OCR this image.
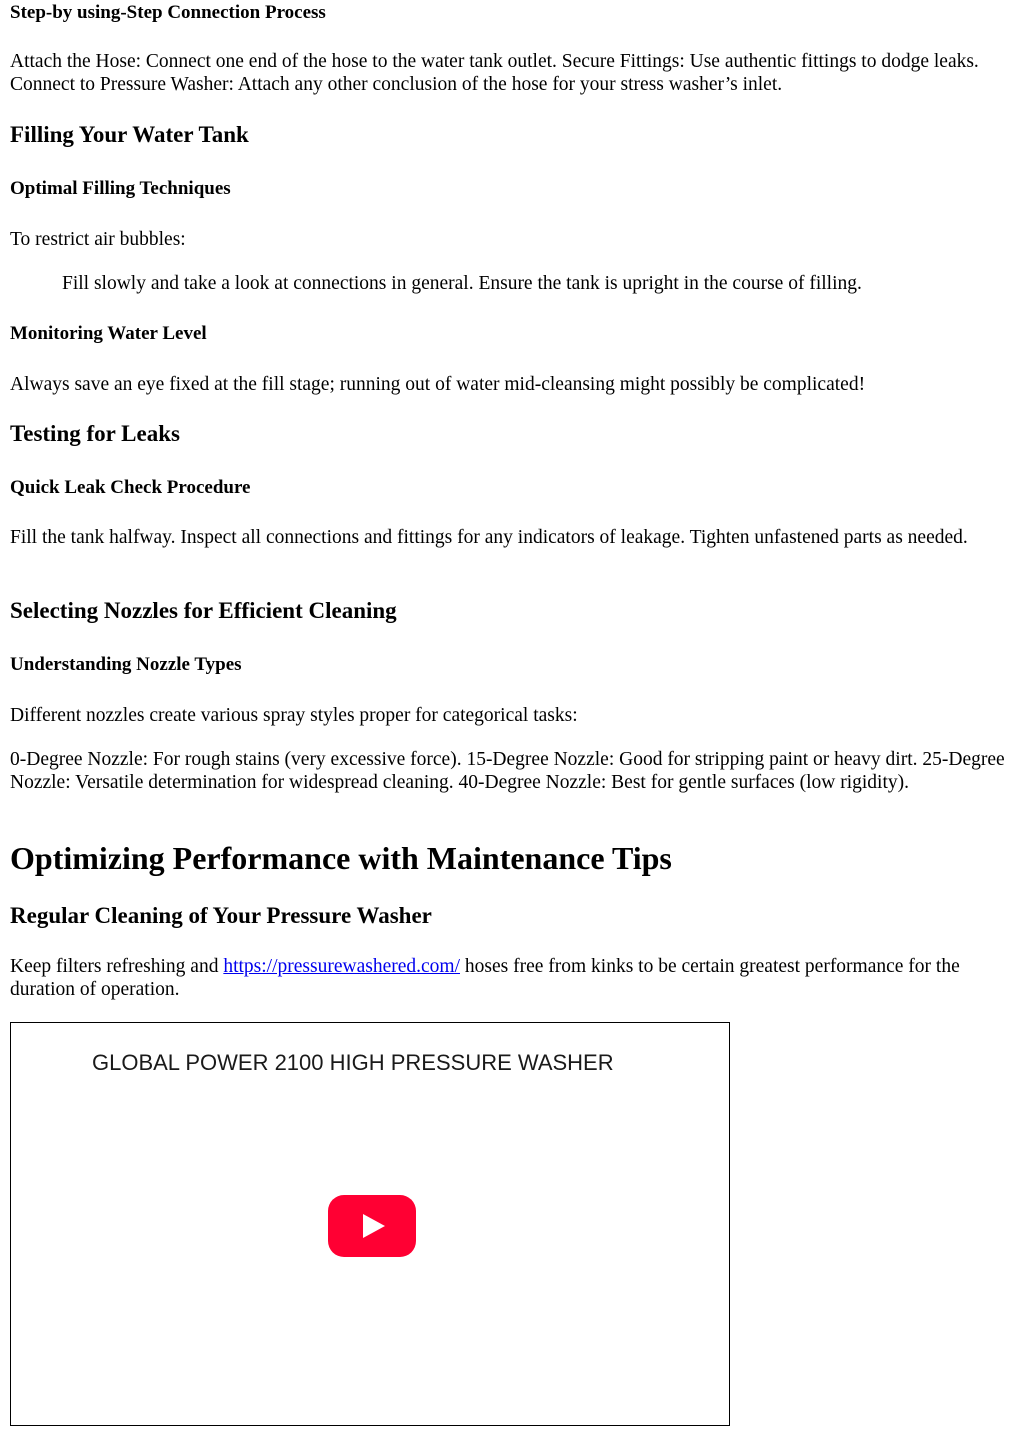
Step-by using-Step Connection Process

Attach the Hose: Connect one end of the hose to the water tank outlet. Secure Fittings: Use authentic fittings to dodge leaks. Connect to Pressure Washer: Attach any other conclusion of the hose for your stress washer’s inlet.

Filling Your Water Tank
Optimal Filling Techniques

To restrict air bubbles:

Fill slowly and take a look at connections in general. Ensure the tank is upright in the course of filling.

Monitoring Water Level

Always save an eye fixed at the fill stage; running out of water mid-cleansing might possibly be complicated!

Testing for Leaks
Quick Leak Check Procedure

Fill the tank halfway. Inspect all connections and fittings for any indicators of leakage. Tighten unfastened parts as needed.

Selecting Nozzles for Efficient Cleaning
Understanding Nozzle Types

Different nozzles create various spray styles proper for categorical tasks:

0-Degree Nozzle: For rough stains (very excessive force). 15-Degree Nozzle: Good for stripping paint or heavy dirt. 25-Degree Nozzle: Versatile determination for widespread cleaning. 40-Degree Nozzle: Best for gentle surfaces (low rigidity).

Optimizing Performance with Maintenance Tips
Regular Cleaning of Your Pressure Washer

Keep filters refreshing and https://pressurewashered.com/ hoses free from kinks to be certain greatest performance for the duration of operation.

GLOBAL POWER 2100 HIGH PRESSURE WASHER
